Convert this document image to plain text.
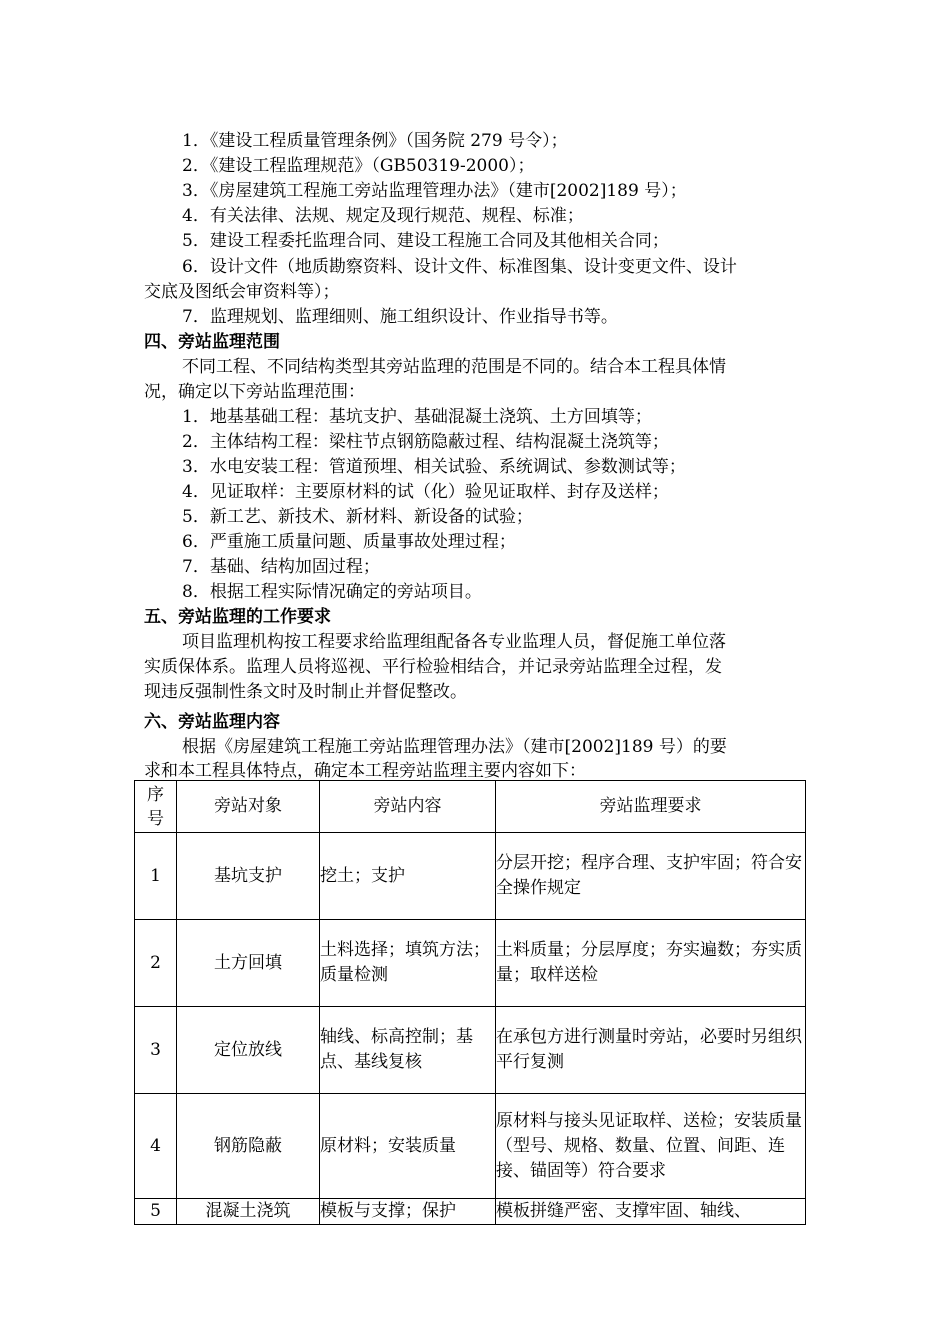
1．《建设工程质量管理条例》（国务院 279 号令）；
2．《建设工程监理规范》（GB50319-2000）；
3．《房屋建筑工程施工旁站监理管理办法》（建市[2002]189 号）；
4．有关法律、法规、规定及现行规范、规程、标准；
5．建设工程委托监理合同、建设工程施工合同及其他相关合同；
6．设计文件（地质勘察资料、设计文件、标准图集、设计变更文件、设计
交底及图纸会审资料等）；
7．监理规划、监理细则、施工组织设计、作业指导书等。
四、旁站监理范围
不同工程、不同结构类型其旁站监理的范围是不同的。结合本工程具体情
况，确定以下旁站监理范围：
1．地基基础工程：基坑支护、基础混凝土浇筑、土方回填等；
2．主体结构工程：梁柱节点钢筋隐蔽过程、结构混凝土浇筑等；
3．水电安装工程：管道预埋、相关试验、系统调试、参数测试等；
4．见证取样：主要原材料的试（化）验见证取样、封存及送样；
5．新工艺、新技术、新材料、新设备的试验；
6．严重施工质量问题、质量事故处理过程；
7．基础、结构加固过程；
8．根据工程实际情况确定的旁站项目。
五、旁站监理的工作要求
项目监理机构按工程要求给监理组配备各专业监理人员，督促施工单位落
实质保体系。监理人员将巡视、平行检验相结合，并记录旁站监理全过程，发
现违反强制性条文时及时制止并督促整改。
六、旁站监理内容
根据《房屋建筑工程施工旁站监理管理办法》（建市[2002]189 号）的要
求和本工程具体特点，确定本工程旁站监理主要内容如下：
序号	旁站对象	旁站内容	旁站监理要求
1	基坑支护	挖土；支护	分层开挖；程序合理、支护牢固；符合安全操作规定
2	土方回填	土料选择；填筑方法；质量检测	土料质量；分层厚度；夯实遍数；夯实质量；取样送检
3	定位放线	轴线、标高控制；基点、基线复核	在承包方进行测量时旁站，必要时另组织平行复测
4	钢筋隐蔽	原材料；安装质量	原材料与接头见证取样、送检；安装质量（型号、规格、数量、位置、间距、连接、锚固等）符合要求
5	混凝土浇筑	模板与支撑；保护	模板拼缝严密、支撑牢固、轴线、
